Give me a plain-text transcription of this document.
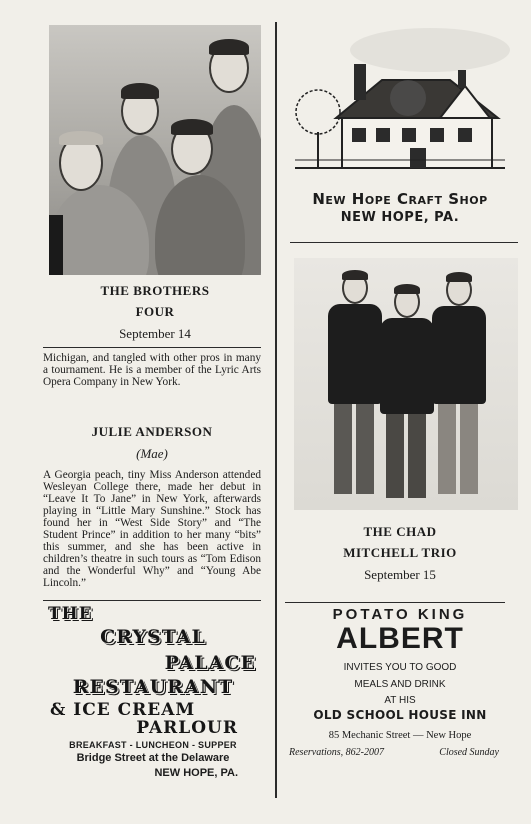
THE BROTHERS
FOUR
September 14
Michigan, and tangled with other pros in many a tournament. He is a member of the Lyric Arts Opera Company in New York.
JULIE ANDERSON
(Mae)
A Georgia peach, tiny Miss Anderson attended Wesleyan College there, made her debut in “Leave It To Jane” in New York, afterwards playing in “Little Mary Sunshine.” Stock has found her in “West Side Story” and “The Student Prince” in addition to her many “bits” this summer, and she has been active in children’s theatre in such tours as “Tom Edison and the Wonderful Why” and “Young Abe Lincoln.”
THE
CRYSTAL
PALACE
RESTAURANT
& ICE CREAM
PARLOUR
BREAKFAST - LUNCHEON - SUPPER
Bridge Street at the Delaware
NEW HOPE, PA.
New Hope Craft Shop
NEW HOPE, PA.
THE CHAD
MITCHELL TRIO
September 15
POTATO KING
ALBERT
INVITES YOU TO GOOD
MEALS AND DRINK
AT HIS
OLD SCHOOL HOUSE INN
85 Mechanic Street — New Hope
Reservations, 862-2007	Closed Sunday
